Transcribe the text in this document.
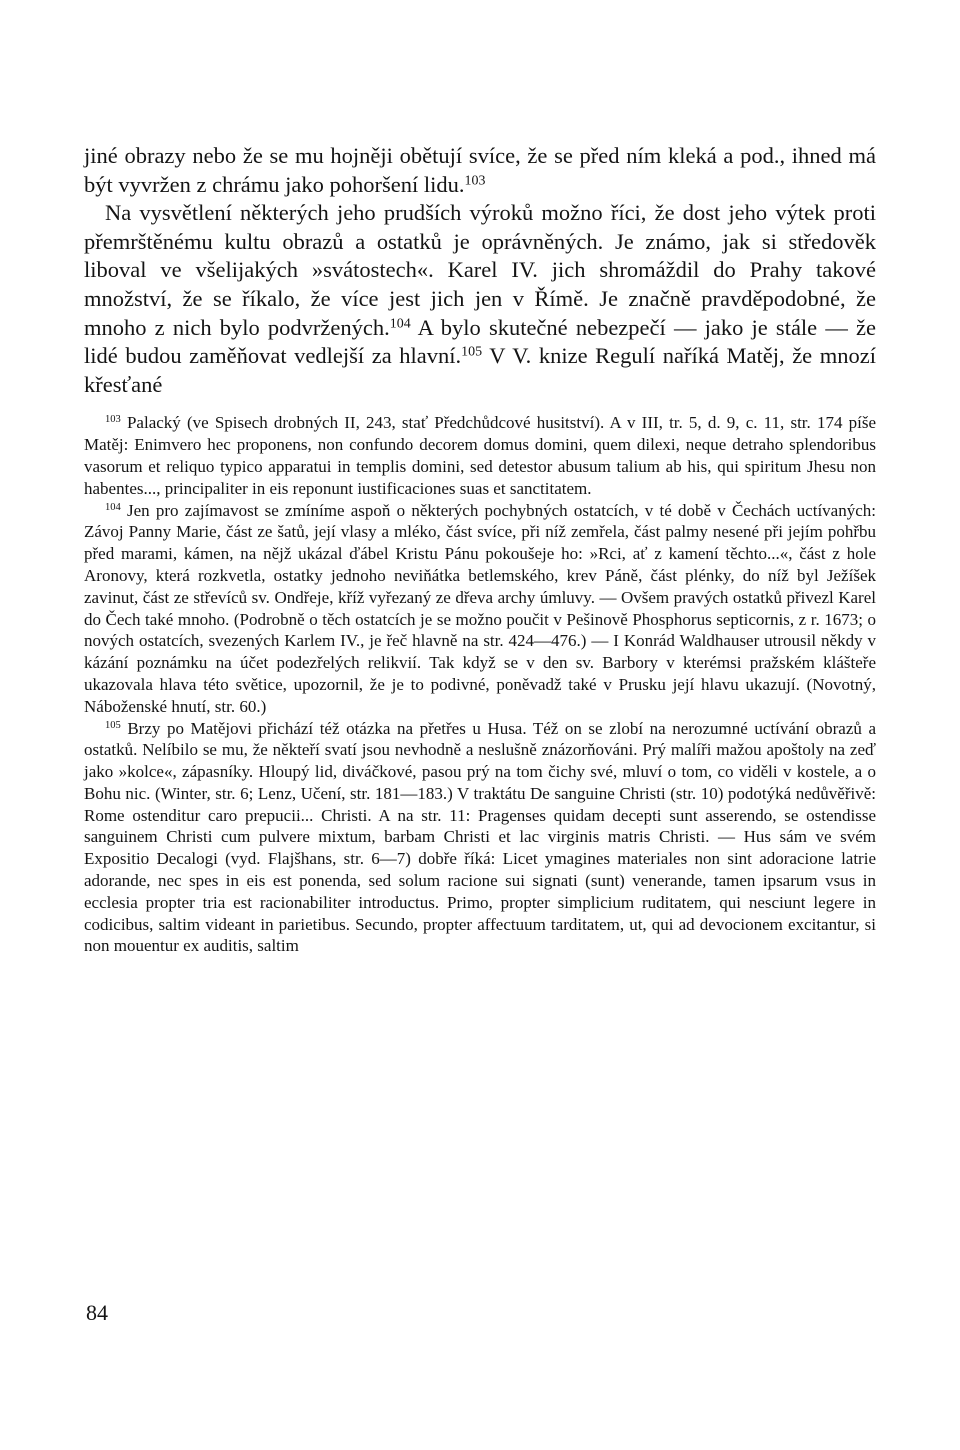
jiné obrazy nebo že se mu hojněji obětují svíce, že se před ním kleká a pod., ihned má být vyvržen z chrámu jako pohoršení lidu.$^{103}$

Na vysvětlení některých jeho prudších výroků možno říci, že dost jeho výtek proti přemrštěnému kultu obrazů a ostatků je oprávněných. Je známo, jak si středověk liboval ve všelijakých »svátostech«. Karel IV. jich shromáždil do Prahy takové množství, že se říkalo, že více jest jich jen v Římě. Je značně pravděpodobné, že mnoho z nich bylo podvržených.$^{104}$ A bylo skutečné nebezpečí — jako je stále — že lidé budou zaměňovat vedlejší za hlavní.$^{105}$ V V. knize Regulí naříká Matěj, že mnozí křesťané

$^{103}$ Palacký (ve Spisech drobných II, 243, stať Předchůdcové husitství). A v III, tr. 5, d. 9, c. 11, str. 174 píše Matěj: Enimvero hec proponens, non confundo decorem domus domini, quem dilexi, neque detraho splendoribus vasorum et reliquo typico apparatui in templis domini, sed detestor abusum talium ab his, qui spiritum Jhesu non habentes..., principaliter in eis reponunt iustificaciones suas et sanctitatem.

$^{104}$ Jen pro zajímavost se zmíníme aspoň o některých pochybných ostatcích, v té době v Čechách uctívaných: Závoj Panny Marie, část ze šatů, její vlasy a mléko, část svíce, při níž zemřela, část palmy nesené při jejím pohřbu před marami, kámen, na nějž ukázal ďábel Kristu Pánu pokoušeje ho: »Rci, ať z kamení těchto...«, část z hole Aronovy, která rozkvetla, ostatky jednoho neviňátka betlemského, krev Páně, část plénky, do níž byl Ježíšek zavinut, část ze střevíců sv. Ondřeje, kříž vyřezaný ze dřeva archy úmluvy. — Ovšem pravých ostatků přivezl Karel do Čech také mnoho. (Podrobně o těch ostatcích je se možno poučit v Pešinově Phosphorus septicornis, z r. 1673; o nových ostatcích, svezených Karlem IV., je řeč hlavně na str. 424—476.) — I Konrád Waldhauser utrousil někdy v kázání poznámku na účet podezřelých relikvií. Tak když se v den sv. Barbory v kterémsi pražském klášteře ukazovala hlava této světice, upozornil, že je to podivné, poněvadž také v Prusku její hlavu ukazují. (Novotný, Náboženské hnutí, str. 60.)

$^{105}$ Brzy po Matějovi přichází též otázka na přetřes u Husa. Též on se zlobí na nerozumné uctívání obrazů a ostatků. Nelíbilo se mu, že někteří svatí jsou nevhodně a neslušně znázorňováni. Prý malíři mažou apoštoly na zeď jako »kolce«, zápasníky. Hloupý lid, diváčkové, pasou prý na tom čichy své, mluví o tom, co viděli v kostele, a o Bohu nic. (Winter, str. 6; Lenz, Učení, str. 181—183.) V traktátu De sanguine Christi (str. 10) podotýká nedůvěřivě: Rome ostenditur caro prepucii... Christi. A na str. 11: Pragenses quidam decepti sunt asserendo, se ostendisse sanguinem Christi cum pulvere mixtum, barbam Christi et lac virginis matris Christi. — Hus sám ve svém Expositio Decalogi (vyd. Flajšhans, str. 6—7) dobře říká: Licet ymagines materiales non sint adoracione latrie adorande, nec spes in eis est ponenda, sed solum racione sui signati (sunt) venerande, tamen ipsarum vsus in ecclesia propter tria est racionabiliter introductus. Primo, propter simplicium ruditatem, qui nesciunt legere in codicibus, saltim videant in parietibus. Secundo, propter affectuum tarditatem, ut, qui ad devocionem excitantur, si non mouentur ex auditis, saltim

84
